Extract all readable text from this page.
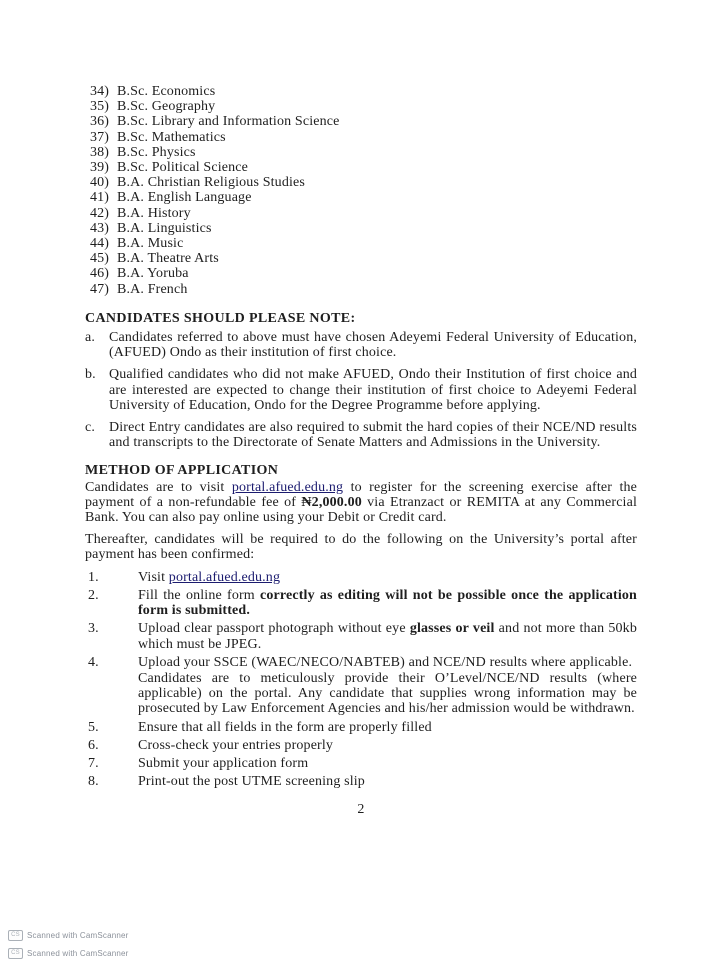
34) B.Sc. Economics
35) B.Sc. Geography
36) B.Sc. Library and Information Science
37) B.Sc. Mathematics
38) B.Sc. Physics
39) B.Sc. Political Science
40) B.A. Christian Religious Studies
41) B.A. English Language
42) B.A. History
43) B.A. Linguistics
44) B.A. Music
45) B.A. Theatre Arts
46) B.A. Yoruba
47) B.A. French
CANDIDATES SHOULD PLEASE NOTE:
a. Candidates referred to above must have chosen Adeyemi Federal University of Education, (AFUED) Ondo as their institution of first choice.
b. Qualified candidates who did not make AFUED, Ondo their Institution of first choice and are interested are expected to change their institution of first choice to Adeyemi Federal University of Education, Ondo for the Degree Programme before applying.
c. Direct Entry candidates are also required to submit the hard copies of their NCE/ND results and transcripts to the Directorate of Senate Matters and Admissions in the University.
METHOD OF APPLICATION
Candidates are to visit portal.afued.edu.ng to register for the screening exercise after the payment of a non-refundable fee of ₦2,000.00 via Etranzact or REMITA at any Commercial Bank. You can also pay online using your Debit or Credit card.
Thereafter, candidates will be required to do the following on the University’s portal after payment has been confirmed:
1.	Visit portal.afued.edu.ng
2.	Fill the online form correctly as editing will not be possible once the application form is submitted.
3.	Upload clear passport photograph without eye glasses or veil and not more than 50kb which must be JPEG.
4.	Upload your SSCE (WAEC/NECO/NABTEB) and NCE/ND results where applicable.
Candidates are to meticulously provide their O’Level/NCE/ND results (where applicable) on the portal. Any candidate that supplies wrong information may be prosecuted by Law Enforcement Agencies and his/her admission would be withdrawn.
5.	Ensure that all fields in the form are properly filled
6.	Cross-check your entries properly
7.	Submit your application form
8.	Print-out the post UTME screening slip
2
CS Scanned with CamScanner
CS Scanned with CamScanner
